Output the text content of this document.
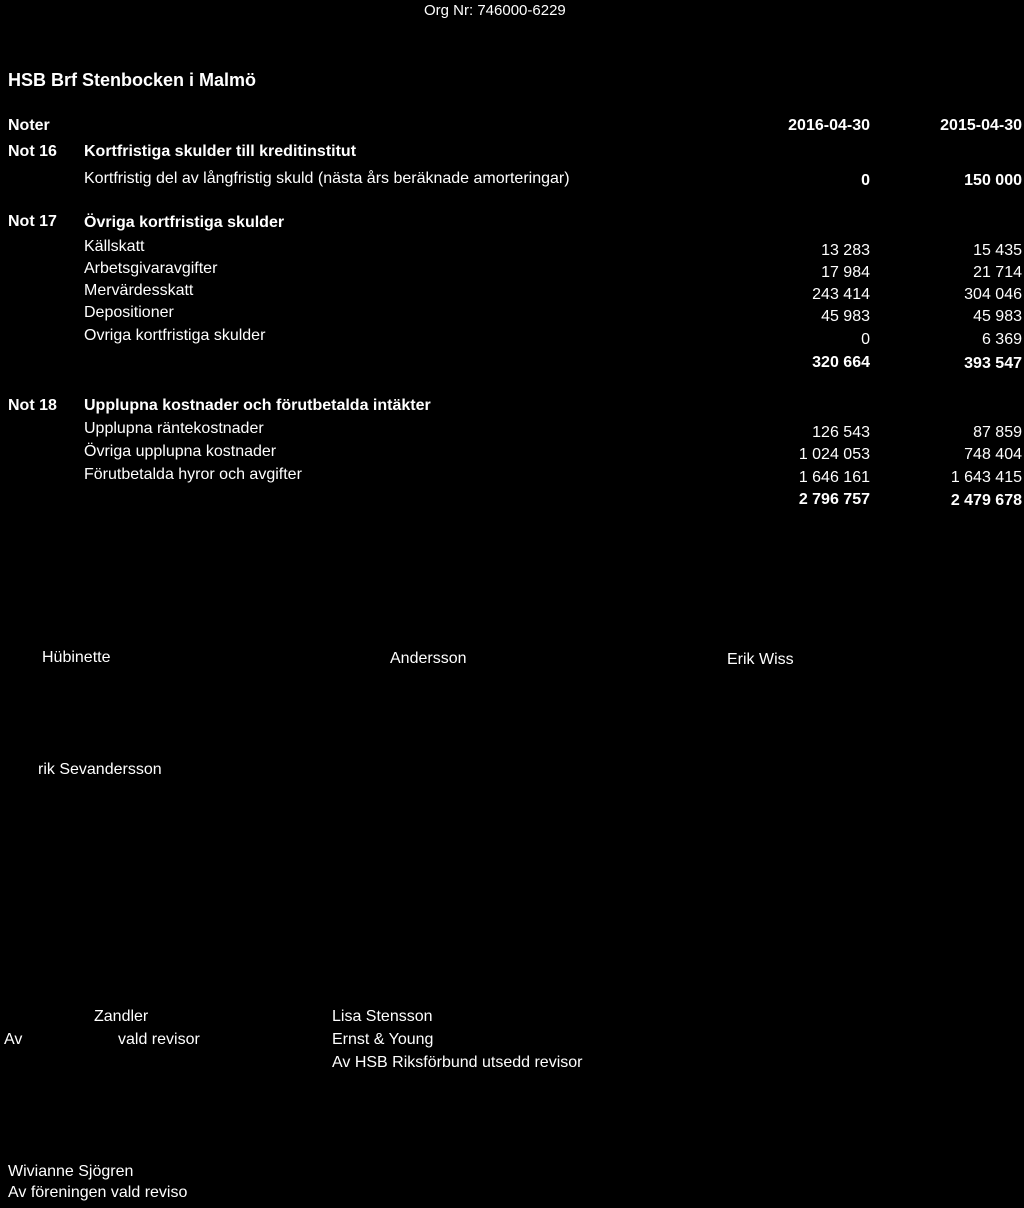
Org Nr: 746000-6229
HSB Brf Stenbocken i Malmö
Noter	2016-04-30	2015-04-30
Not 16 Kortfristiga skulder till kreditinstitut
Kortfristig del av långfristig skuld (nästa års beräknade amorteringar)	0	150 000
Not 17 Övriga kortfristiga skulder
Källskatt	13 283	15 435
Arbetsgivaravgifter	17 984	21 714
Mervärdesskatt	243 414	304 046
Depositioner	45 983	45 983
Ovriga kortfristiga skulder	0	6 369
320 664	393 547
Not 18 Upplupna kostnader och förutbetalda intäkter
Upplupna räntekostnader	126 543	87 859
Övriga upplupna kostnader	1 024 053	748 404
Förutbetalda hyror och avgifter	1 646 161	1 643 415
2 796 757	2 479 678
Hübinette	Andersson	Erik Wiss
rik Sevandersson
Zandler
Av	vald revisor
Lisa Stensson
Ernst & Young
Av HSB Riksförbund utsedd revisor
Wivianne Sjögren
Av föreningen vald reviso
